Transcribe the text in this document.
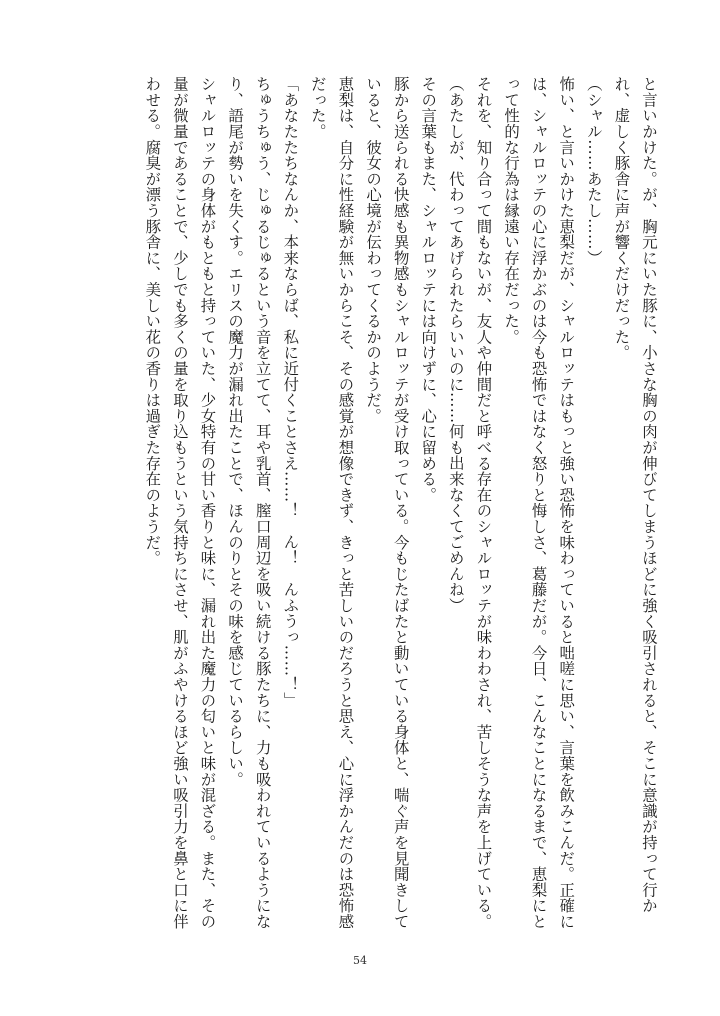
と言いかけた。が、胸元にいた豚に、小さな胸の肉が伸びてしまうほどに強く吸引されると、そこに意識が持って行かれ、虚しく豚舎に声が響くだけだった。

（シャル……あたし……）

怖い、と言いかけた恵梨だが、シャルロッテはもっと強い恐怖を味わっていると咄嗟に思い、言葉を飲みこんだ。正確には、シャルロッテの心に浮かぶのは今も恐怖ではなく怒りと悔しさ、葛藤だが。今日、こんなことになるまで、恵梨にとって性的な行為は縁遠い存在だった。

それを、知り合って間もないが、友人や仲間だと呼べる存在のシャルロッテが味わわされ、苦しそうな声を上げている。

（あたしが、代わってあげられたらいいのに……何も出来なくてごめんね）

その言葉もまた、シャルロッテには向けずに、心に留める。

豚から送られる快感も異物感もシャルロッテが受け取っている。今もじたばたと動いている身体と、喘ぐ声を見聞きしていると、彼女の心境が伝わってくるかのようだ。

恵梨は、自分に性経験が無いからこそ、その感覚が想像できず、きっと苦しいのだろうと思え、心に浮かんだのは恐怖感だった。

「あなたたちなんか、本来ならば、私に近付くことさえ……！　ん！　んふうっ……！」

ちゅうちゅう、じゅるじゅるという音を立てて、耳や乳首、膣口周辺を吸い続ける豚たちに、力も吸われているようになり、語尾が勢いを失くす。エリスの魔力が漏れ出たことで、ほんのりとその味を感じているらしい。

シャルロッテの身体がもともと持っていた、少女特有の甘い香りと味に、漏れ出た魔力の匂いと味が混ざる。また、その量が微量であることで、少しでも多くの量を取り込もうという気持ちにさせ、肌がふやけるほど強い吸引力を鼻と口に伴わせる。腐臭が漂う豚舎に、美しい花の香りは過ぎた存在のようだ。

54
